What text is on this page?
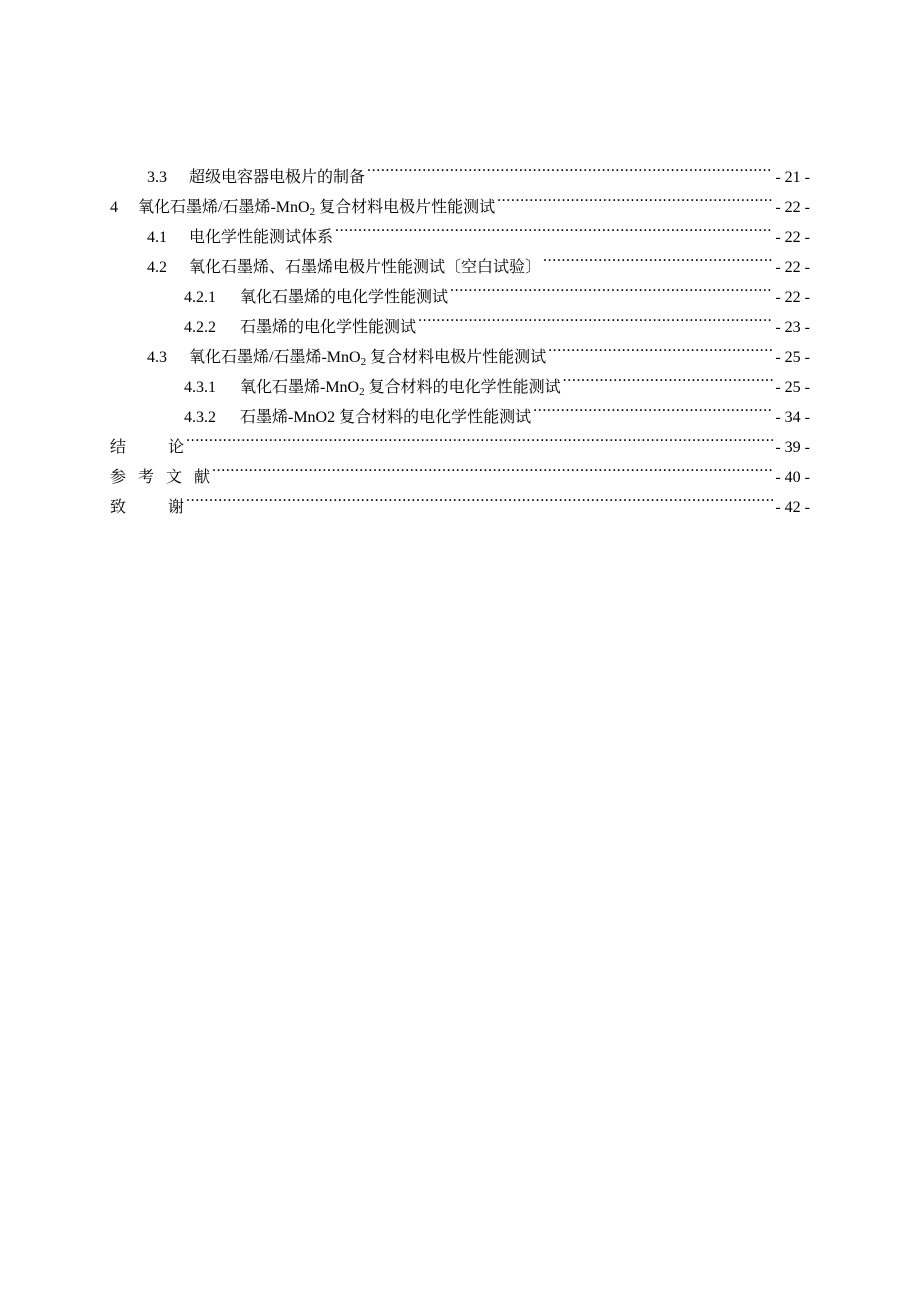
3.3	超级电容器电极片的制备 .....	- 21 -
4	氧化石墨烯/石墨烯-MnO$_2$ 复合材料电极片性能测试 .....	- 22 -
4.1	电化学性能测试体系 .....	- 22 -
4.2	氧化石墨烯、石墨烯电极片性能测试〔空白试验〕 .....	- 22 -
4.2.1	氧化石墨烯的电化学性能测试 .....	- 22 -
4.2.2	石墨烯的电化学性能测试 .....	- 23 -
4.3	氧化石墨烯/石墨烯-MnO$_2$ 复合材料电极片性能测试 .....	- 25 -
4.3.1	氧化石墨烯-MnO$_2$ 复合材料的电化学性能测试 .....	- 25 -
4.3.2	石墨烯-MnO2 复合材料的电化学性能测试 .....	- 34 -
结	论 .....	- 39 -
参 考 文 献 .....	- 40 -
致	谢 .....	- 42 -
